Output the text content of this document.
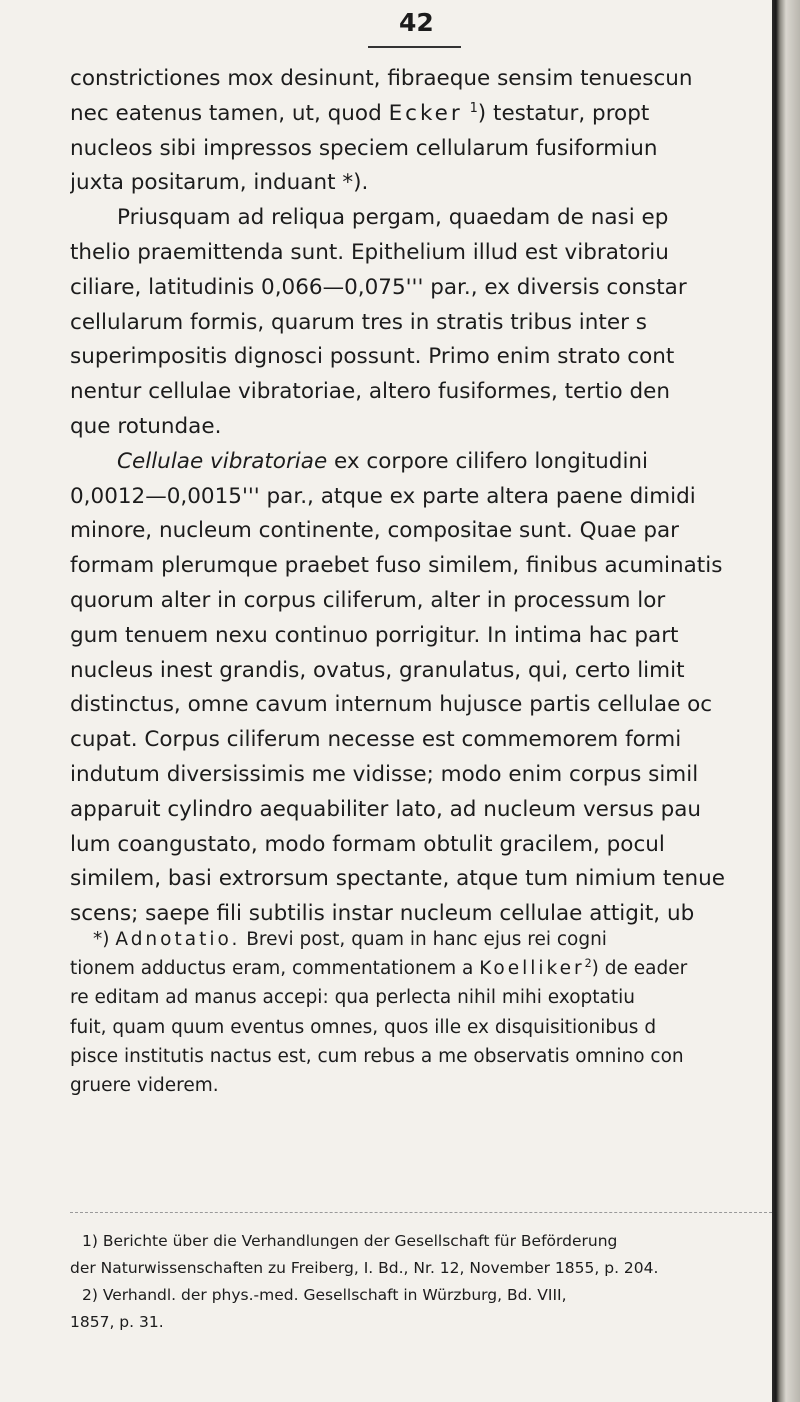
42
constrictiones mox desinunt, fibraeque sensim tenuescun
nec eatenus tamen, ut, quod Ecker $^1$) testatur, propt
nucleos sibi impressos speciem cellularum fusiformiun
juxta positarum, induant *).
Priusquam ad reliqua pergam, quaedam de nasi ep
thelio praemittenda sunt. Epithelium illud est vibratoriu
ciliare, latitudinis 0,066—0,075''' par., ex diversis constar
cellularum formis, quarum tres in stratis tribus inter s
superimpositis dignosci possunt. Primo enim strato cont
nentur cellulae vibratoriae, altero fusiformes, tertio den
que rotundae.
Cellulae vibratoriae ex corpore cilifero longitudini
0,0012—0,0015''' par., atque ex parte altera paene dimidi
minore, nucleum continente, compositae sunt. Quae par
formam plerumque praebet fuso similem, finibus acuminatis
quorum alter in corpus ciliferum, alter in processum lor
gum tenuem nexu continuo porrigitur. In intima hac part
nucleus inest grandis, ovatus, granulatus, qui, certo limit
distinctus, omne cavum internum hujusce partis cellulae oc
cupat. Corpus ciliferum necesse est commemorem formi
indutum diversissimis me vidisse; modo enim corpus simil
apparuit cylindro aequabiliter lato, ad nucleum versus pau
lum coangustato, modo formam obtulit gracilem, pocul
similem, basi extrorsum spectante, atque tum nimium tenue
scens; saepe fili subtilis instar nucleum cellulae attigit, ub
*) Adnotatio. Brevi post, quam in hanc ejus rei cogni
tionem adductus eram, commentationem a Koelliker$^2$) de eader
re editam ad manus accepi: qua perlecta nihil mihi exoptatiu
fuit, quam quum eventus omnes, quos ille ex disquisitionibus d
pisce institutis nactus est, cum rebus a me observatis omnino con
gruere viderem.
1) Berichte über die Verhandlungen der Gesellschaft für Beförderung
der Naturwissenschaften zu Freiberg, I. Bd., Nr. 12, November 1855, p. 204.
2) Verhandl. der phys.-med. Gesellschaft in Würzburg, Bd. VIII,
1857, p. 31.
